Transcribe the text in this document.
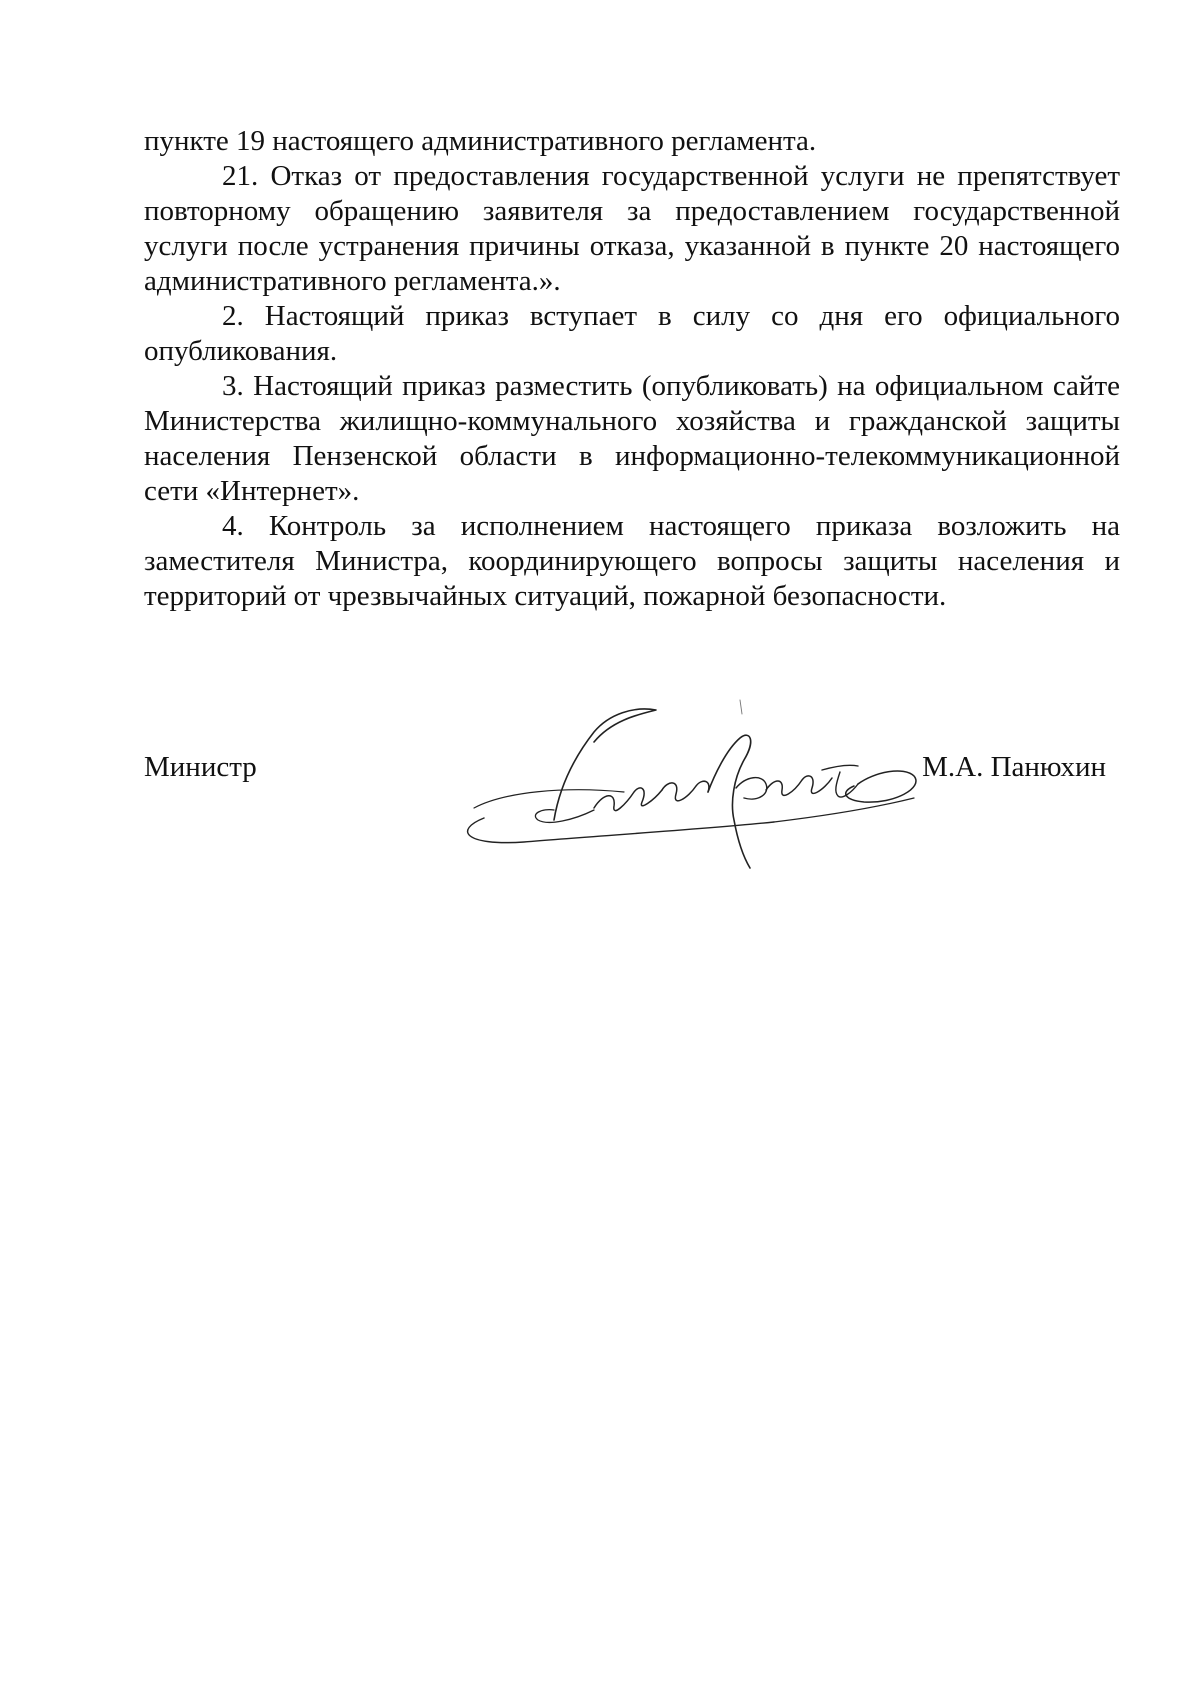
пункте 19 настоящего административного регламента.

21. Отказ от предоставления государственной услуги не препятствует повторному обращению заявителя за предоставлением государственной услуги после устранения причины отказа, указанной в пункте 20 настоящего административного регламента.».

2. Настоящий приказ вступает в силу со дня его официального опубликования.

3. Настоящий приказ разместить (опубликовать) на официальном сайте Министерства жилищно-коммунального хозяйства и гражданской защиты населения Пензенской области в информационно-телекоммуникационной сети «Интернет».

4. Контроль за исполнением настоящего приказа возложить на заместителя Министра, координирующего вопросы защиты населения и территорий от чрезвычайных ситуаций, пожарной безопасности.

Министр	М.А. Панюхин
